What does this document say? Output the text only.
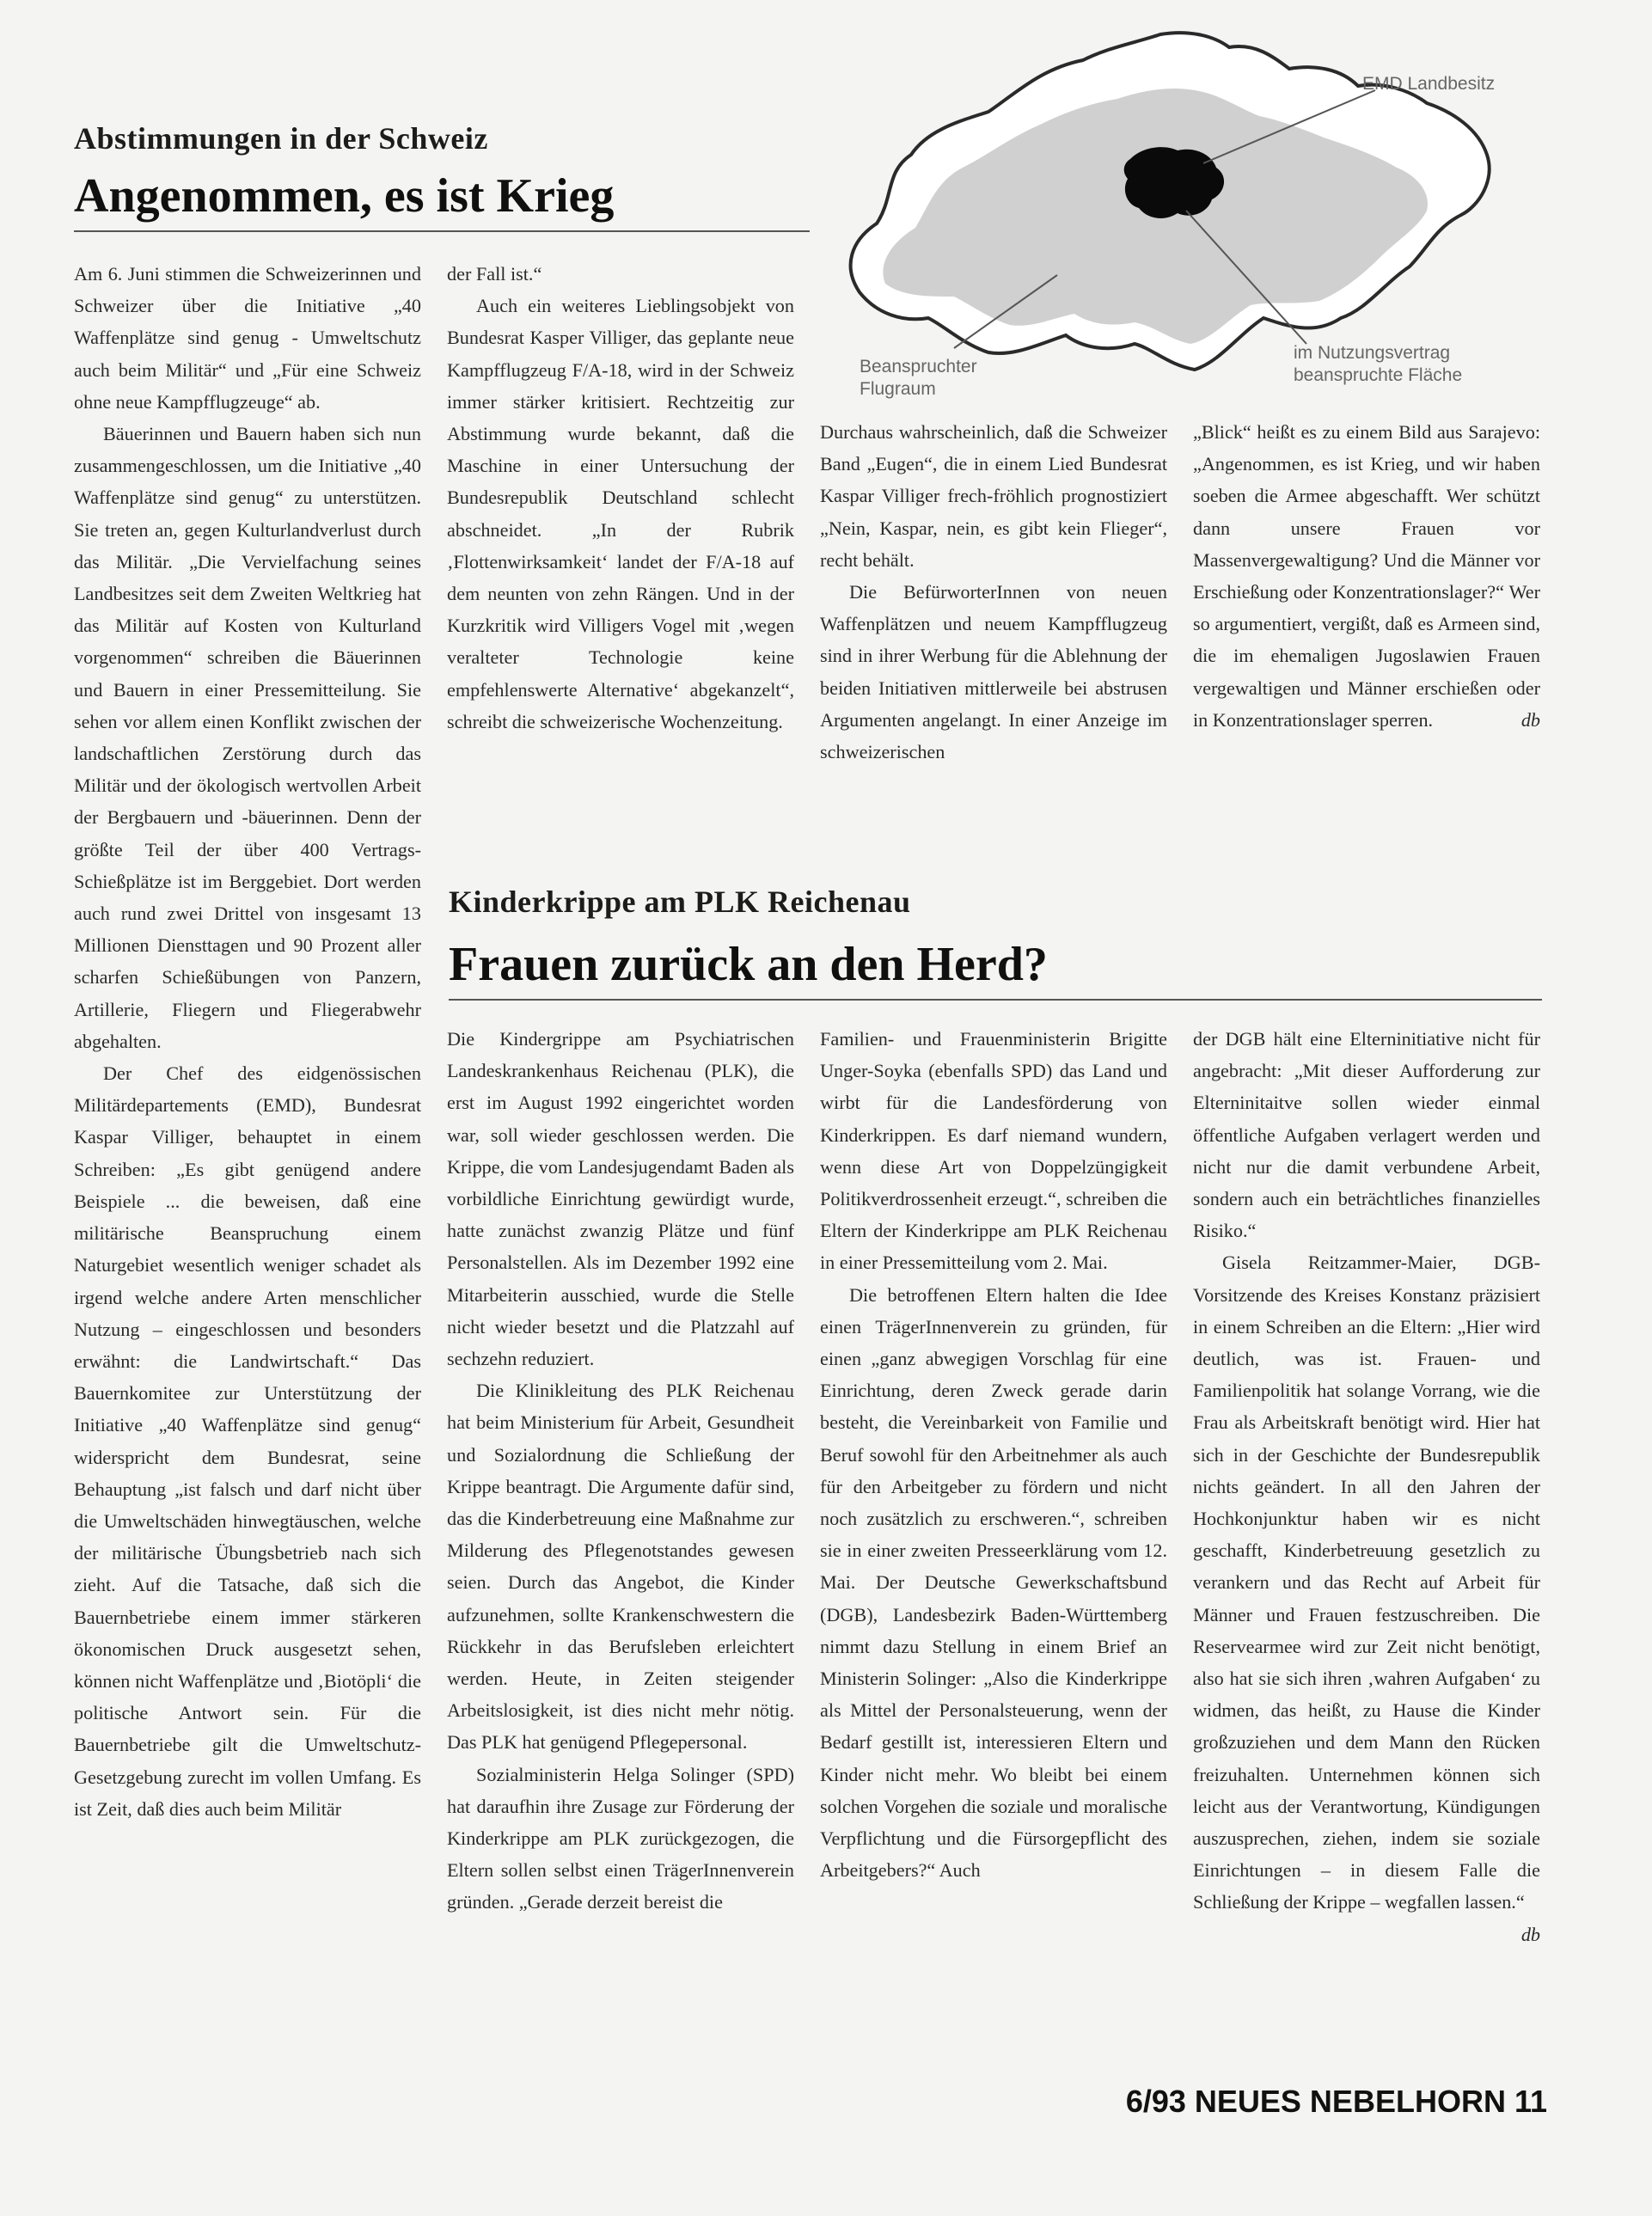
Abstimmungen in der Schweiz
Angenommen, es ist Krieg
EMD Landbesitz
Beanspruchter
Flugraum
im Nutzungsvertrag
beanspruchte Fläche

Am 6. Juni stimmen die Schweizerinnen und Schweizer über die Initiative „40 Waffenplätze sind genug - Umweltschutz auch beim Militär“ und „Für eine Schweiz ohne neue Kampfflugzeuge“ ab.

Bäuerinnen und Bauern haben sich nun zusammengeschlossen, um die Initiative „40 Waffenplätze sind genug“ zu unterstützen. Sie treten an, gegen Kulturlandverlust durch das Militär. „Die Vervielfachung seines Landbesitzes seit dem Zweiten Weltkrieg hat das Militär auf Kosten von Kulturland vorgenommen“ schreiben die Bäuerinnen und Bauern in einer Pressemitteilung. Sie sehen vor allem einen Konflikt zwischen der landschaftlichen Zerstörung durch das Militär und der ökologisch wertvollen Arbeit der Bergbauern und -bäuerinnen. Denn der größte Teil der über 400 Vertrags-Schießplätze ist im Berggebiet. Dort werden auch rund zwei Drittel von insgesamt 13 Millionen Diensttagen und 90 Prozent aller scharfen Schießübungen von Panzern, Artillerie, Fliegern und Fliegerabwehr abgehalten.

Der Chef des eidgenössischen Militärdepartements (EMD), Bundesrat Kaspar Villiger, behauptet in einem Schreiben: „Es gibt genügend andere Beispiele ... die beweisen, daß eine militärische Beanspruchung einem Naturgebiet wesentlich weniger schadet als irgend welche andere Arten menschlicher Nutzung – eingeschlossen und besonders erwähnt: die Landwirtschaft.“ Das Bauernkomitee zur Unterstützung der Initiative „40 Waffenplätze sind genug“ widerspricht dem Bundesrat, seine Behauptung „ist falsch und darf nicht über die Umweltschäden hinwegtäuschen, welche der militärische Übungsbetrieb nach sich zieht. Auf die Tatsache, daß sich die Bauernbetriebe einem immer stärkeren ökonomischen Druck ausgesetzt sehen, können nicht Waffenplätze und ‚Biotöpli‘ die politische Antwort sein. Für die Bauernbetriebe gilt die Umweltschutz-Gesetzgebung zurecht im vollen Umfang. Es ist Zeit, daß dies auch beim Militär

der Fall ist.“

Auch ein weiteres Lieblingsobjekt von Bundesrat Kasper Villiger, das geplante neue Kampfflugzeug F/A-18, wird in der Schweiz immer stärker kritisiert. Rechtzeitig zur Abstimmung wurde bekannt, daß die Maschine in einer Untersuchung der Bundesrepublik Deutschland schlecht abschneidet. „In der Rubrik ‚Flottenwirksamkeit‘ landet der F/A-18 auf dem neunten von zehn Rängen. Und in der Kurzkritik wird Villigers Vogel mit ‚wegen veralteter Technologie keine empfehlenswerte Alternative‘ abgekanzelt“, schreibt die schweizerische Wochenzeitung.

Durchaus wahrscheinlich, daß die Schweizer Band „Eugen“, die in einem Lied Bundesrat Kaspar Villiger frech-fröhlich prognostiziert „Nein, Kaspar, nein, es gibt kein Flieger“, recht behält.

Die BefürworterInnen von neuen Waffenplätzen und neuem Kampfflugzeug sind in ihrer Werbung für die Ablehnung der beiden Initiativen mittlerweile bei abstrusen Argumenten angelangt. In einer Anzeige im schweizerischen

„Blick“ heißt es zu einem Bild aus Sarajevo: „Angenommen, es ist Krieg, und wir haben soeben die Armee abgeschafft. Wer schützt dann unsere Frauen vor Massenvergewaltigung? Und die Männer vor Erschießung oder Konzentrationslager?“ Wer so argumentiert, vergißt, daß es Armeen sind, die im ehemaligen Jugoslawien Frauen vergewaltigen und Männer erschießen oder in Konzentrationslager sperren.	db

Kinderkrippe am PLK Reichenau
Frauen zurück an den Herd?

Die Kindergrippe am Psychiatrischen Landeskrankenhaus Reichenau (PLK), die erst im August 1992 eingerichtet worden war, soll wieder geschlossen werden. Die Krippe, die vom Landesjugendamt Baden als vorbildliche Einrichtung gewürdigt wurde, hatte zunächst zwanzig Plätze und fünf Personalstellen. Als im Dezember 1992 eine Mitarbeiterin ausschied, wurde die Stelle nicht wieder besetzt und die Platzzahl auf sechzehn reduziert.

Die Klinikleitung des PLK Reichenau hat beim Ministerium für Arbeit, Gesundheit und Sozialordnung die Schließung der Krippe beantragt. Die Argumente dafür sind, das die Kinderbetreuung eine Maßnahme zur Milderung des Pflegenotstandes gewesen seien. Durch das Angebot, die Kinder aufzunehmen, sollte Krankenschwestern die Rückkehr in das Berufsleben erleichtert werden. Heute, in Zeiten steigender Arbeitslosigkeit, ist dies nicht mehr nötig. Das PLK hat genügend Pflegepersonal.

Sozialministerin Helga Solinger (SPD) hat daraufhin ihre Zusage zur Förderung der Kinderkrippe am PLK zurückgezogen, die Eltern sollen selbst einen TrägerInnenverein gründen. „Gerade derzeit bereist die

Familien- und Frauenministerin Brigitte Unger-Soyka (ebenfalls SPD) das Land und wirbt für die Landesförderung von Kinderkrippen. Es darf niemand wundern, wenn diese Art von Doppelzüngigkeit Politikverdrossenheit erzeugt.“, schreiben die Eltern der Kinderkrippe am PLK Reichenau in einer Pressemitteilung vom 2. Mai.

Die betroffenen Eltern halten die Idee einen TrägerInnenverein zu gründen, für einen „ganz abwegigen Vorschlag für eine Einrichtung, deren Zweck gerade darin besteht, die Vereinbarkeit von Familie und Beruf sowohl für den Arbeitnehmer als auch für den Arbeitgeber zu fördern und nicht noch zusätzlich zu erschweren.“, schreiben sie in einer zweiten Presseerklärung vom 12. Mai. Der Deutsche Gewerkschaftsbund (DGB), Landesbezirk Baden-Württemberg nimmt dazu Stellung in einem Brief an Ministerin Solinger: „Also die Kinderkrippe als Mittel der Personalsteuerung, wenn der Bedarf gestillt ist, interessieren Eltern und Kinder nicht mehr. Wo bleibt bei einem solchen Vorgehen die soziale und moralische Verpflichtung und die Fürsorgepflicht des Arbeitgebers?“ Auch

der DGB hält eine Elterninitiative nicht für angebracht: „Mit dieser Aufforderung zur Elterninitaitve sollen wieder einmal öffentliche Aufgaben verlagert werden und nicht nur die damit verbundene Arbeit, sondern auch ein beträchtliches finanzielles Risiko.“

Gisela Reitzammer-Maier, DGB-Vorsitzende des Kreises Konstanz präzisiert in einem Schreiben an die Eltern: „Hier wird deutlich, was ist. Frauen- und Familienpolitik hat solange Vorrang, wie die Frau als Arbeitskraft benötigt wird. Hier hat sich in der Geschichte der Bundesrepublik nichts geändert. In all den Jahren der Hochkonjunktur haben wir es nicht geschafft, Kinderbetreuung gesetzlich zu verankern und das Recht auf Arbeit für Männer und Frauen festzuschreiben. Die Reservearmee wird zur Zeit nicht benötigt, also hat sie sich ihren ‚wahren Aufgaben‘ zu widmen, das heißt, zu Hause die Kinder großzuziehen und dem Mann den Rücken freizuhalten. Unternehmen können sich leicht aus der Verantwortung, Kündigungen auszusprechen, ziehen, indem sie soziale Einrichtungen – in diesem Falle die Schließung der Krippe – wegfallen lassen.“
db

6/93 NEUES NEBELHORN 11
